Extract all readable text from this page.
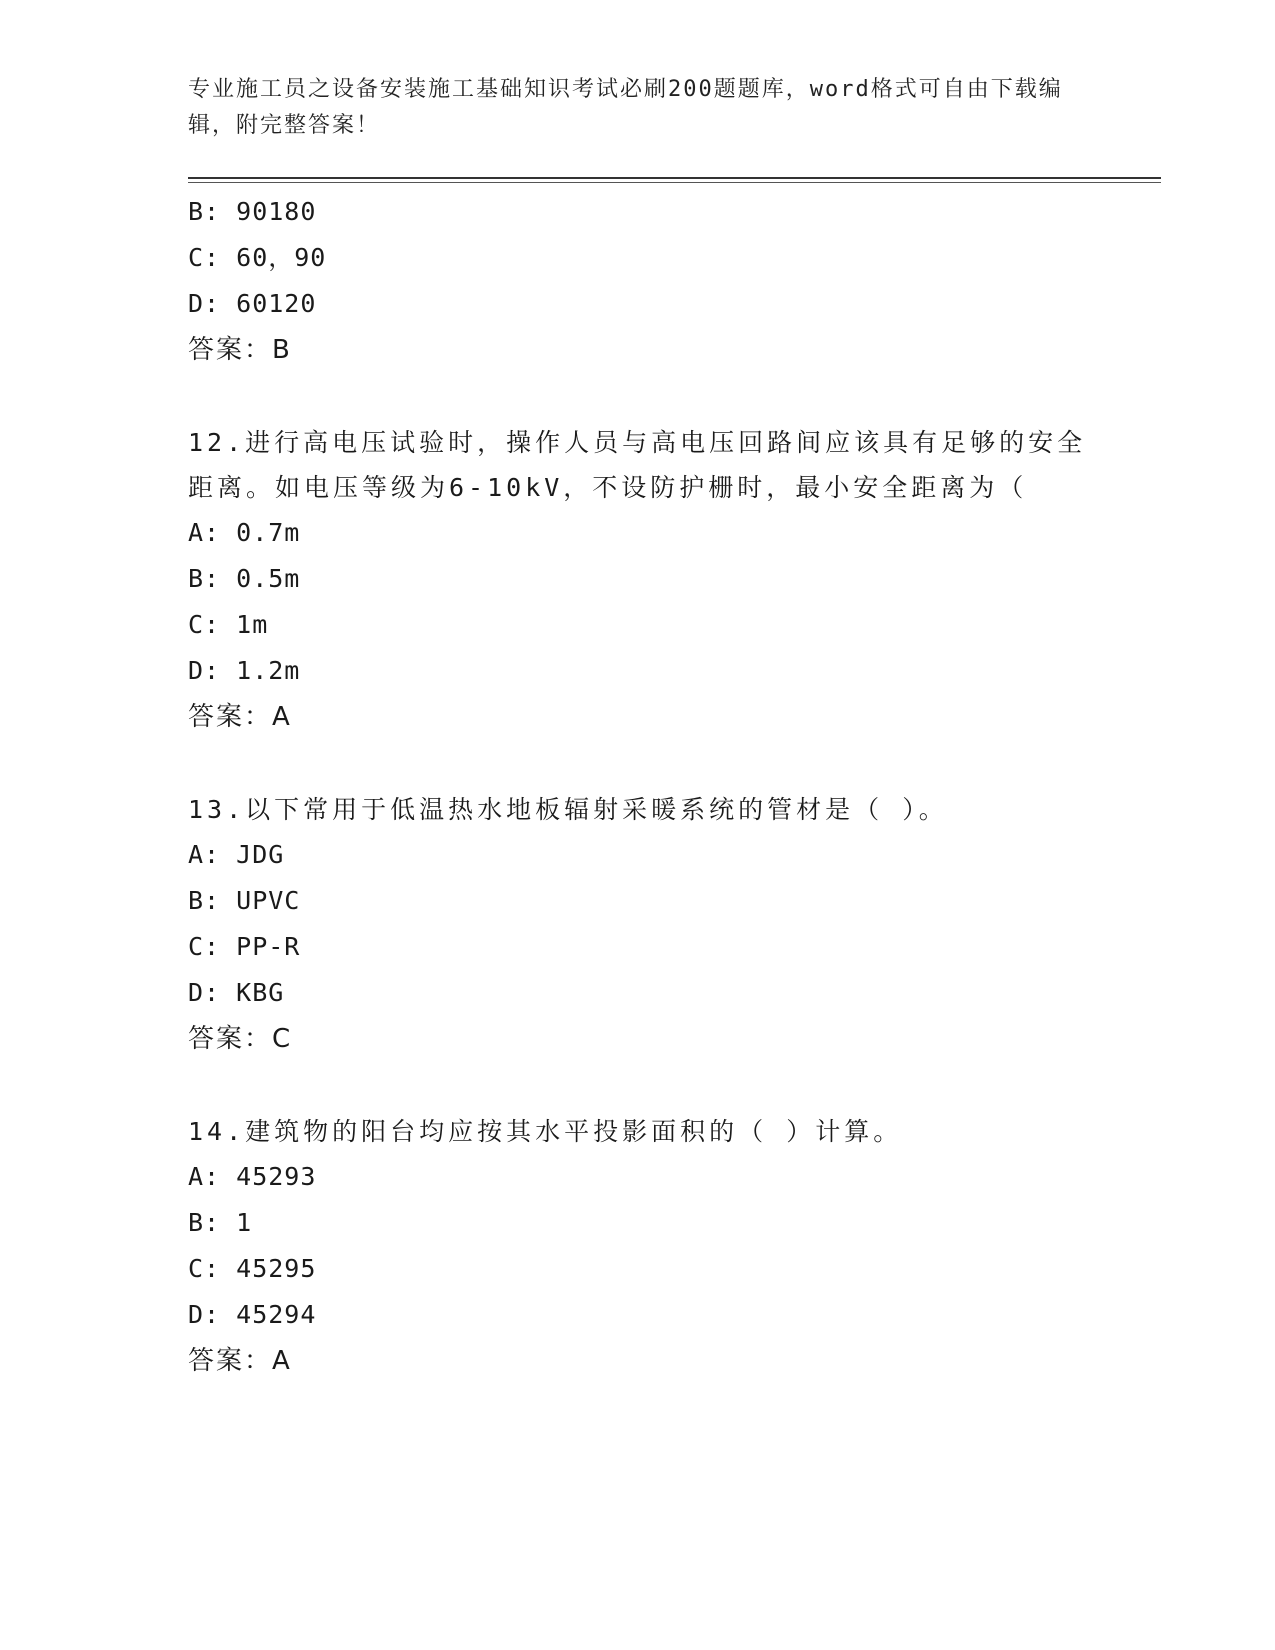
专业施工员之设备安装施工基础知识考试必刷200题题库，word格式可自由下载编辑，附完整答案！
B: 90180
C: 60，90
D: 60120
答案：B
12.进行高电压试验时，操作人员与高电压回路间应该具有足够的安全距离。如电压等级为6-10kV，不设防护栅时，最小安全距离为（
A: 0.7m
B: 0.5m
C: 1m
D: 1.2m
答案：A
13.以下常用于低温热水地板辐射采暖系统的管材是（ ）。
A: JDG
B: UPVC
C: PP-R
D: KBG
答案：C
14.建筑物的阳台均应按其水平投影面积的（ ）计算。
A: 45293
B: 1
C: 45295
D: 45294
答案：A
